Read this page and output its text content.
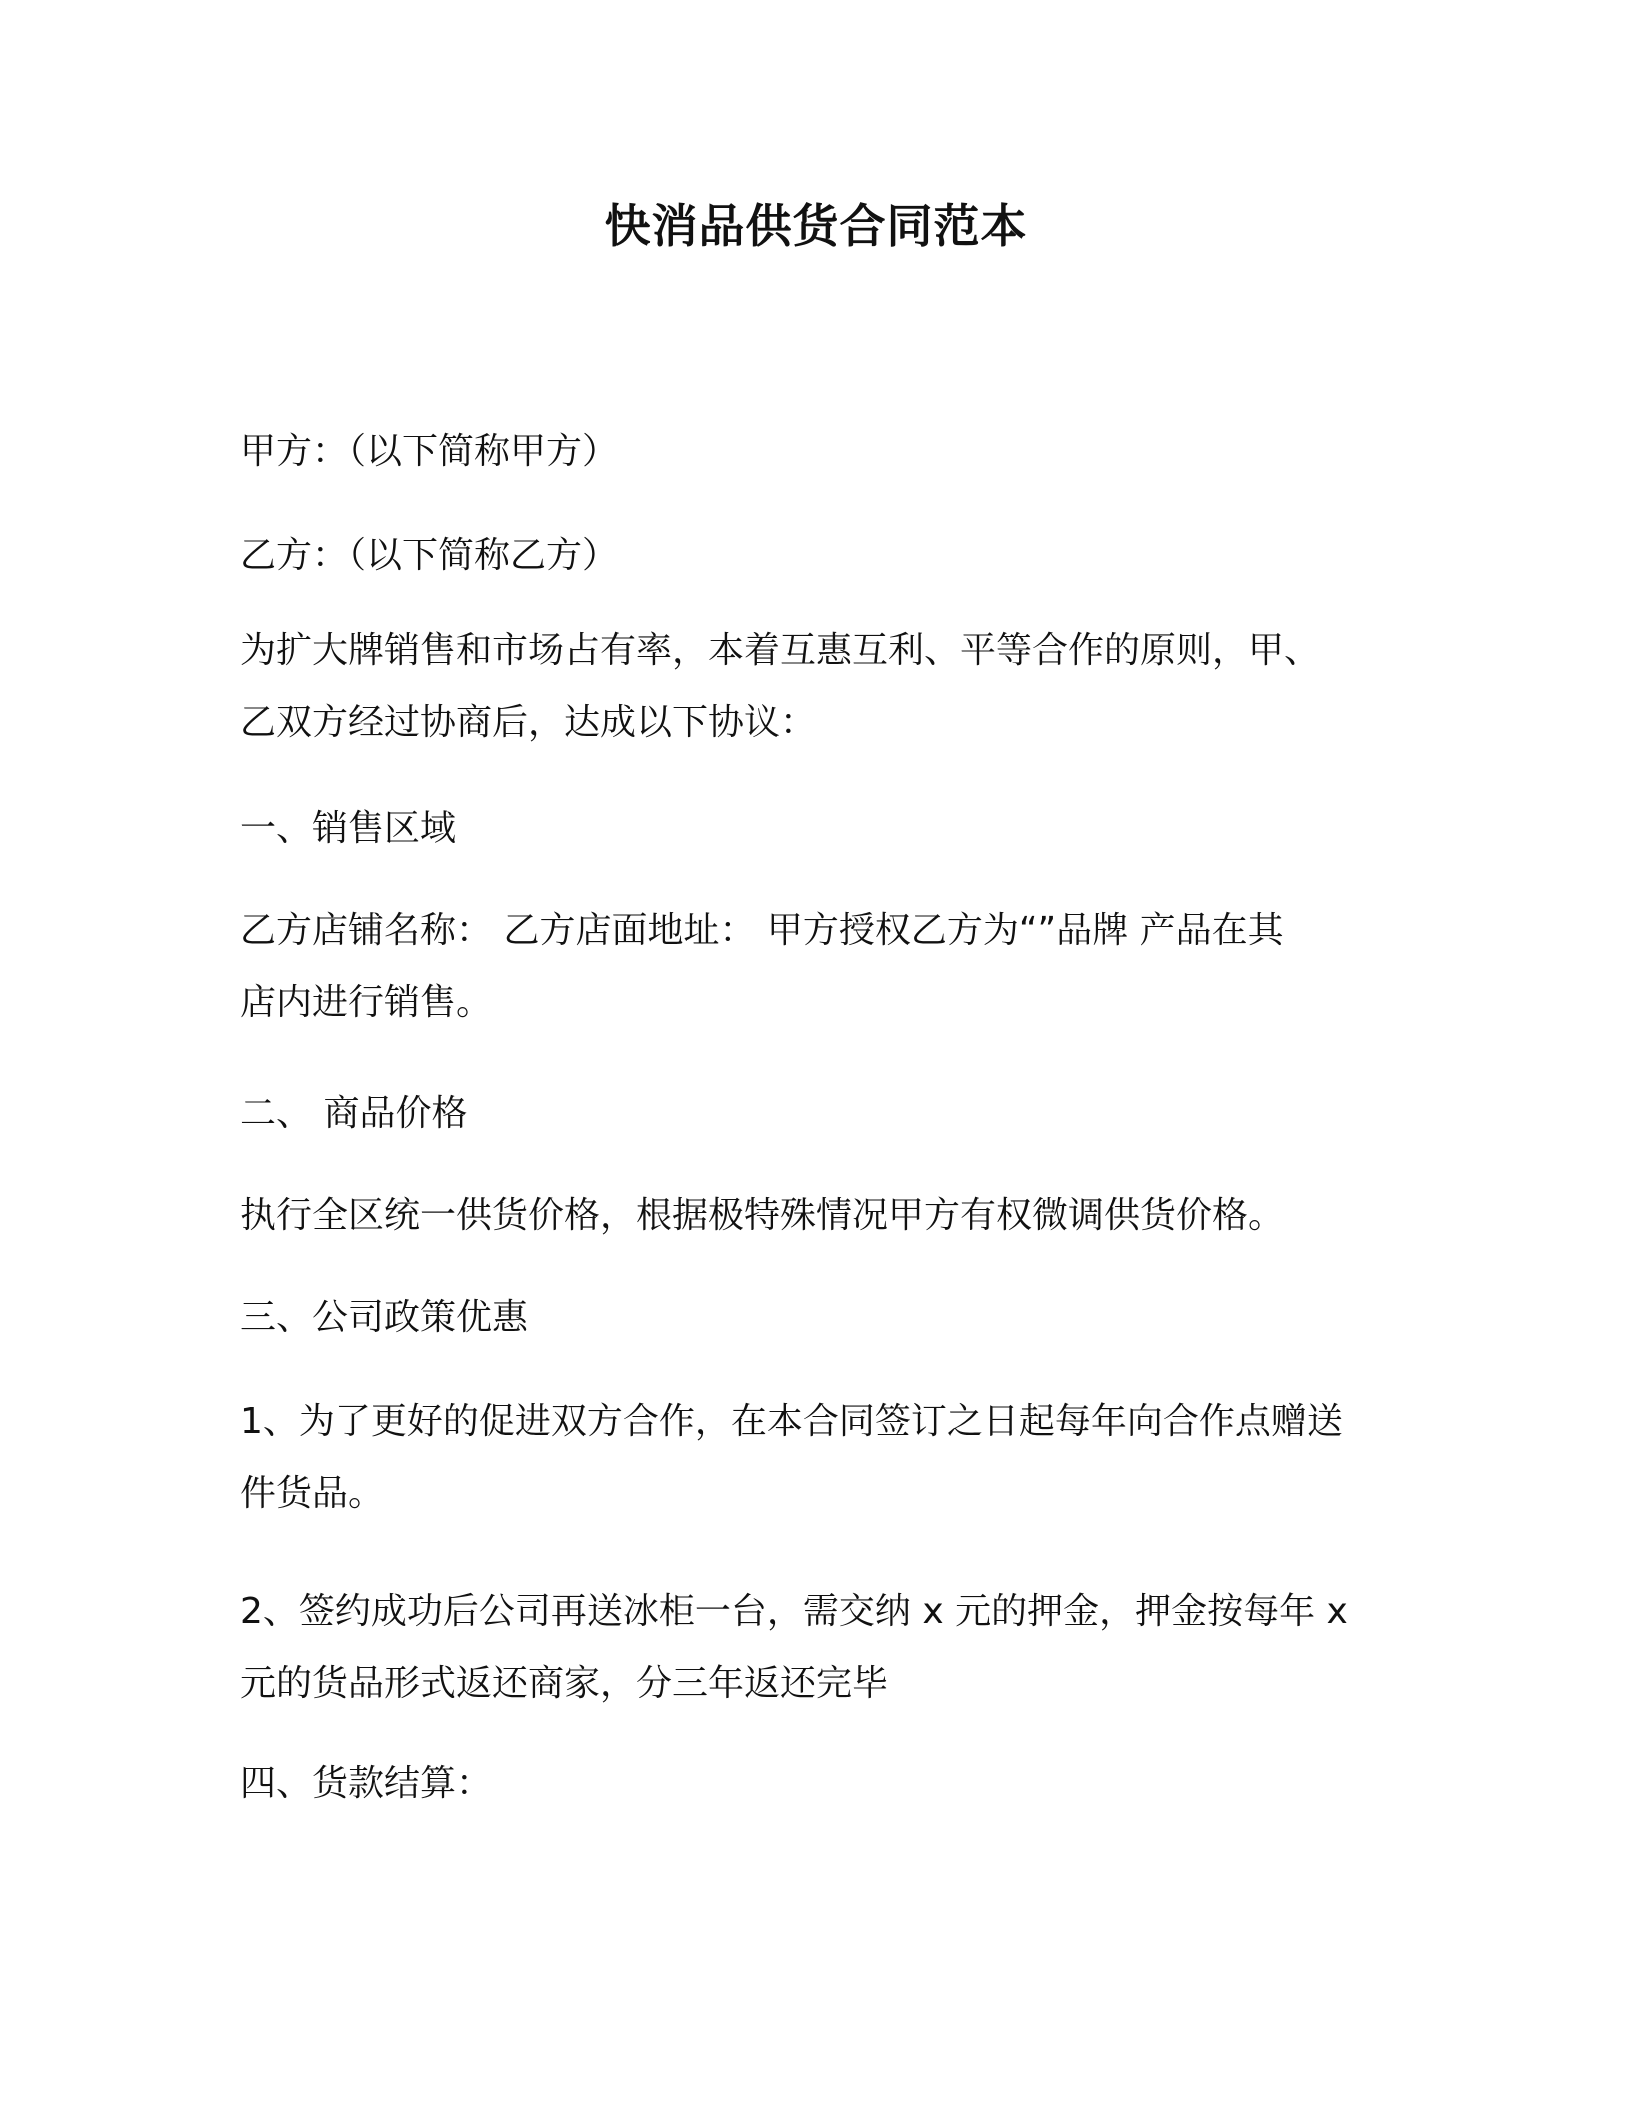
快消品供货合同范本

甲方：（以下简称甲方）

乙方：（以下简称乙方）

为扩大牌销售和市场占有率，本着互惠互利、平等合作的原则，甲、
乙双方经过协商后，达成以下协议：

一、销售区域

乙方店铺名称： 乙方店面地址： 甲方授权乙方为“”品牌 产品在其
店内进行销售。

二、 商品价格

执行全区统一供货价格，根据极特殊情况甲方有权微调供货价格。

三、公司政策优惠

1、为了更好的促进双方合作，在本合同签订之日起每年向合作点赠送
件货品。

2、签约成功后公司再送冰柜一台，需交纳 x 元的押金，押金按每年 x
元的货品形式返还商家，分三年返还完毕

四、货款结算：
